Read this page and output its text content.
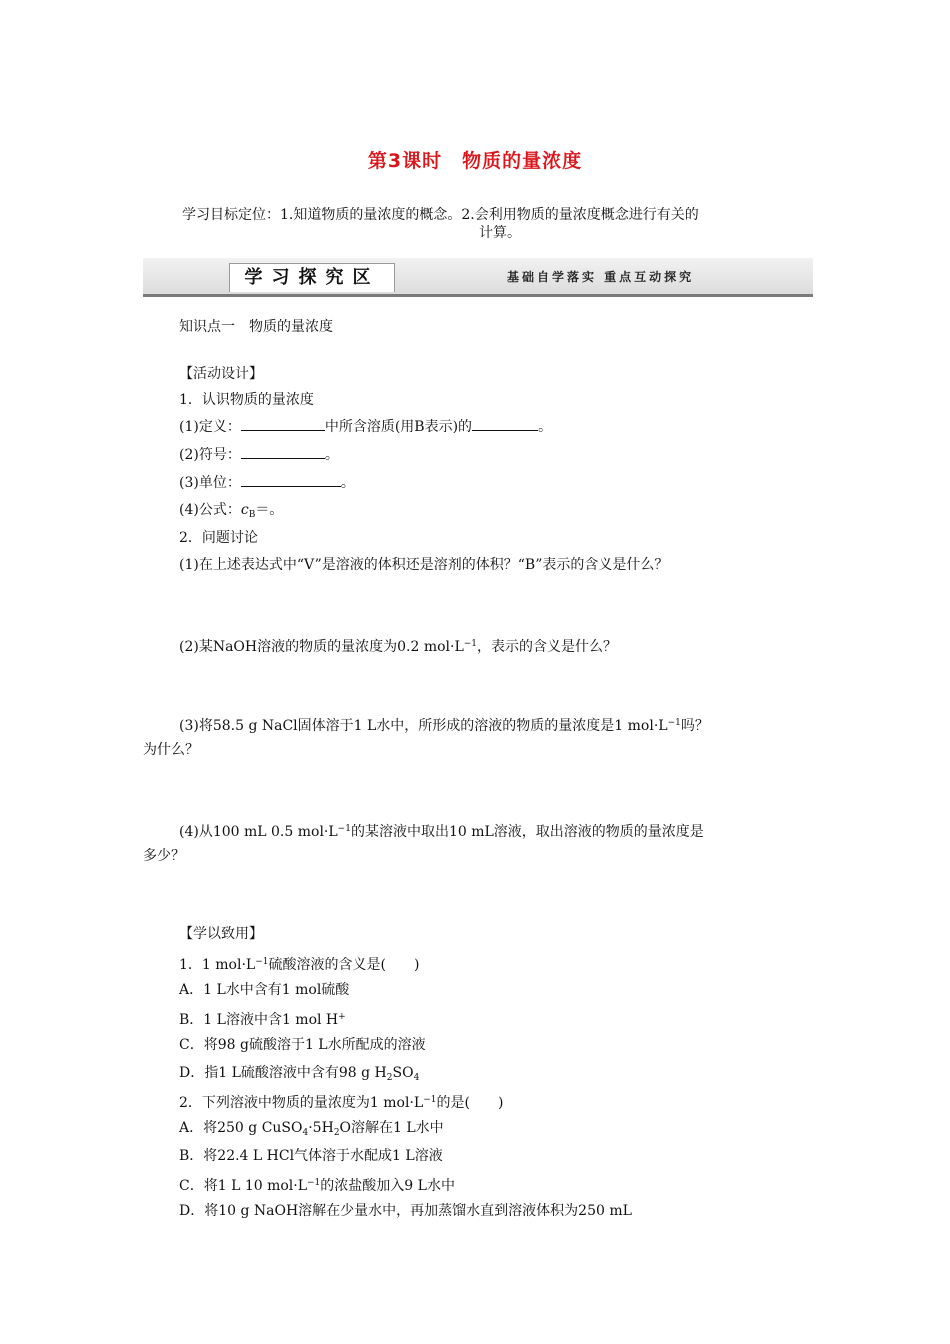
第3课时　物质的量浓度
学习目标定位：1.知道物质的量浓度的概念。2.会利用物质的量浓度概念进行有关的
计算。
学习探究区	基础自学落实 重点互动探究
知识点一　物质的量浓度
【活动设计】
1．认识物质的量浓度
(1)定义：	中所含溶质(用B表示)的	。
(2)符号：	。
(3)单位：	。
(4)公式：$c_B=$。
2．问题讨论
(1)在上述表达式中“V”是溶液的体积还是溶剂的体积？“B”表示的含义是什么？
(2)某NaOH溶液的物质的量浓度为0.2 $mol\cdot L^{-1}$，表示的含义是什么？
(3)将58.5 g NaCl固体溶于1 L水中，所形成的溶液的物质的量浓度是1 $mol\cdot L^{-1}$吗？
为什么？
(4)从100 mL 0.5 $mol\cdot L^{-1}$的某溶液中取出10 mL溶液，取出溶液的物质的量浓度是
多少？
【学以致用】
1．1 $mol\cdot L^{-1}$硫酸溶液的含义是(　　)
A．1 L水中含有1 mol硫酸
B．1 L溶液中含1 mol H+
C．将98 g硫酸溶于1 L水所配成的溶液
D．指1 L硫酸溶液中含有98 g $H_2SO_4$
2．下列溶液中物质的量浓度为1 $mol\cdot L^{-1}$的是(　　)
A．将250 g $CuSO_4\cdot 5H_2O$溶解在1 L水中
B．将22.4 L HCl气体溶于水配成1 L溶液
C．将1 L 10 $mol\cdot L^{-1}$的浓盐酸加入9 L水中
D．将10 g NaOH溶解在少量水中，再加蒸馏水直到溶液体积为250 mL
